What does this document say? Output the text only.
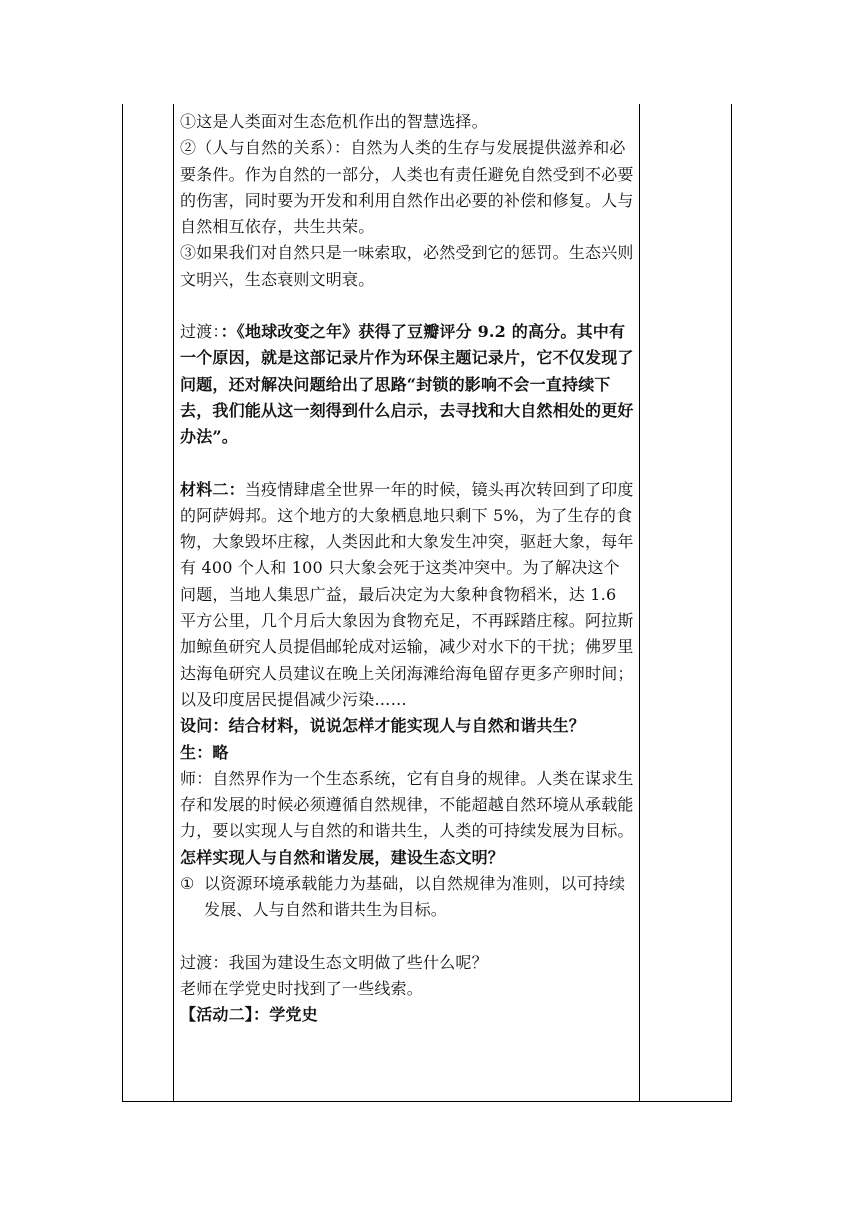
①这是人类面对生态危机作出的智慧选择。

②（人与自然的关系）：自然为人类的生存与发展提供滋养和必要条件。作为自然的一部分，人类也有责任避免自然受到不必要的伤害，同时要为开发和利用自然作出必要的补偿和修复。人与自然相互依存，共生共荣。

③如果我们对自然只是一味索取，必然受到它的惩罚。生态兴则文明兴，生态衰则文明衰。

过渡：：《地球改变之年》获得了豆瓣评分 9.2 的高分。其中有一个原因，就是这部记录片作为环保主题记录片，它不仅发现了问题，还对解决问题给出了思路“封锁的影响不会一直持续下去，我们能从这一刻得到什么启示，去寻找和大自然相处的更好办法”。

材料二：当疫情肆虐全世界一年的时候，镜头再次转回到了印度的阿萨姆邦。这个地方的大象栖息地只剩下 5%，为了生存的食物，大象毁坏庄稼，人类因此和大象发生冲突，驱赶大象，每年有 400 个人和 100 只大象会死于这类冲突中。为了解决这个问题，当地人集思广益，最后决定为大象种食物稻米，达 1.6 平方公里，几个月后大象因为食物充足，不再踩踏庄稼。阿拉斯加鲸鱼研究人员提倡邮轮成对运输，减少对水下的干扰；佛罗里达海龟研究人员建议在晚上关闭海滩给海龟留存更多产卵时间；以及印度居民提倡减少污染……

设问：结合材料，说说怎样才能实现人与自然和谐共生？

生：略

师：自然界作为一个生态系统，它有自身的规律。人类在谋求生存和发展的时候必须遵循自然规律，不能超越自然环境从承载能力，要以实现人与自然的和谐共生，人类的可持续发展为目标。

怎样实现人与自然和谐发展，建设生态文明？

① 以资源环境承载能力为基础，以自然规律为准则，以可持续发展、人与自然和谐共生为目标。

过渡：我国为建设生态文明做了些什么呢？

老师在学党史时找到了一些线索。

【活动二】：学党史
